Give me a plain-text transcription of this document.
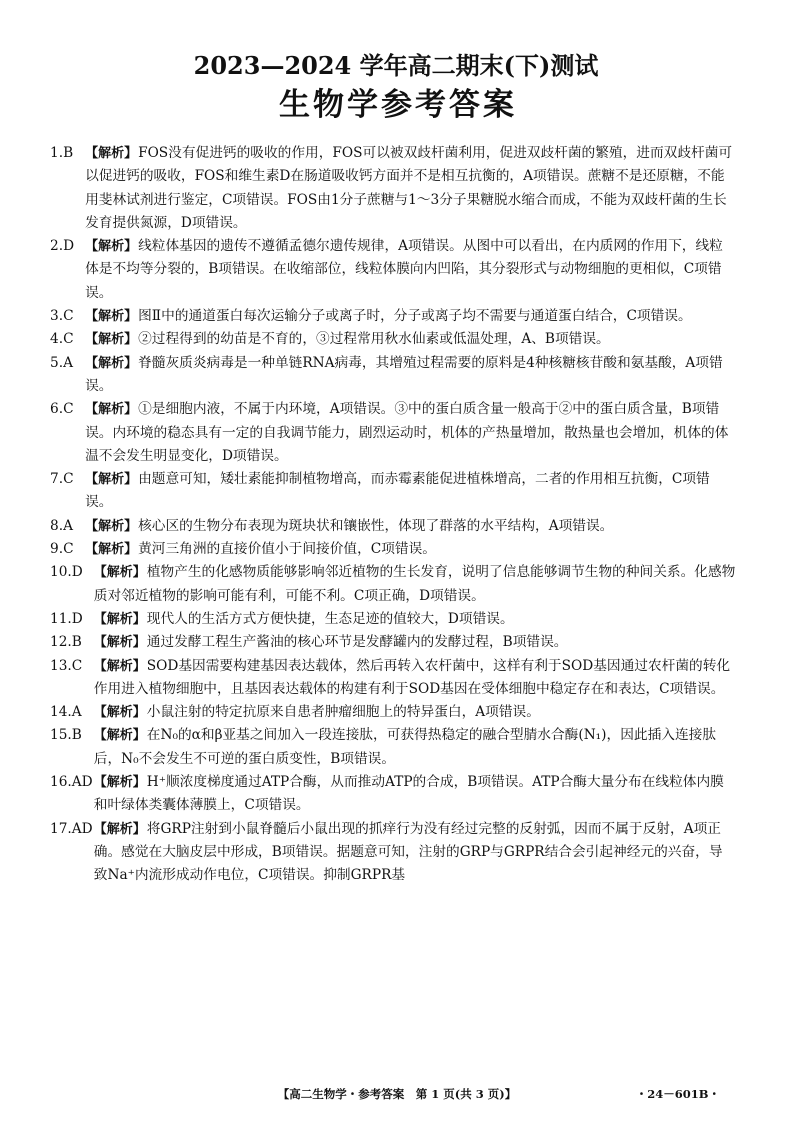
2023—2024 学年高二期末(下)测试
生物学参考答案
1.B 【解析】FOS没有促进钙的吸收的作用，FOS可以被双歧杆菌利用，促进双歧杆菌的繁殖，进而双歧杆菌可以促进钙的吸收，FOS和维生素D在肠道吸收钙方面并不是相互抗衡的，A项错误。蔗糖不是还原糖，不能用斐林试剂进行鉴定，C项错误。FOS由1分子蔗糖与1～3分子果糖脱水缩合而成，不能为双歧杆菌的生长发育提供氮源，D项错误。
2.D 【解析】线粒体基因的遗传不遵循孟德尔遗传规律，A项错误。从图中可以看出，在内质网的作用下，线粒体是不均等分裂的，B项错误。在收缩部位，线粒体膜向内凹陷，其分裂形式与动物细胞的更相似，C项错误。
3.C 【解析】图Ⅱ中的通道蛋白每次运输分子或离子时，分子或离子均不需要与通道蛋白结合，C项错误。
4.C 【解析】②过程得到的幼苗是不育的，③过程常用秋水仙素或低温处理，A、B项错误。
5.A 【解析】脊髓灰质炎病毒是一种单链RNA病毒，其增殖过程需要的原料是4种核糖核苷酸和氨基酸，A项错误。
6.C 【解析】①是细胞内液，不属于内环境，A项错误。③中的蛋白质含量一般高于②中的蛋白质含量，B项错误。内环境的稳态具有一定的自我调节能力，剧烈运动时，机体的产热量增加，散热量也会增加，机体的体温不会发生明显变化，D项错误。
7.C 【解析】由题意可知，矮壮素能抑制植物增高，而赤霉素能促进植株增高，二者的作用相互抗衡，C项错误。
8.A 【解析】核心区的生物分布表现为斑块状和镶嵌性，体现了群落的水平结构，A项错误。
9.C 【解析】黄河三角洲的直接价值小于间接价值，C项错误。
10.D 【解析】植物产生的化感物质能够影响邻近植物的生长发育，说明了信息能够调节生物的种间关系。化感物质对邻近植物的影响可能有利，可能不利。C项正确，D项错误。
11.D 【解析】现代人的生活方式方便快捷，生态足迹的值较大，D项错误。
12.B 【解析】通过发酵工程生产酱油的核心环节是发酵罐内的发酵过程，B项错误。
13.C 【解析】SOD基因需要构建基因表达载体，然后再转入农杆菌中，这样有利于SOD基因通过农杆菌的转化作用进入植物细胞中，且基因表达载体的构建有利于SOD基因在受体细胞中稳定存在和表达，C项错误。
14.A 【解析】小鼠注射的特定抗原来自患者肿瘤细胞上的特异蛋白，A项错误。
15.B 【解析】在N₀的α和β亚基之间加入一段连接肽，可获得热稳定的融合型腈水合酶(N₁)，因此插入连接肽后，N₀不会发生不可逆的蛋白质变性，B项错误。
16.AD 【解析】H⁺顺浓度梯度通过ATP合酶，从而推动ATP的合成，B项错误。ATP合酶大量分布在线粒体内膜和叶绿体类囊体薄膜上，C项错误。
17.AD 【解析】将GRP注射到小鼠脊髓后小鼠出现的抓痒行为没有经过完整的反射弧，因而不属于反射，A项正确。感觉在大脑皮层中形成，B项错误。据题意可知，注射的GRP与GRPR结合会引起神经元的兴奋，导致Na⁺内流形成动作电位，C项错误。抑制GRPR基
【高二生物学・参考答案　第 1 页(共 3 页)】	・24－601B・
